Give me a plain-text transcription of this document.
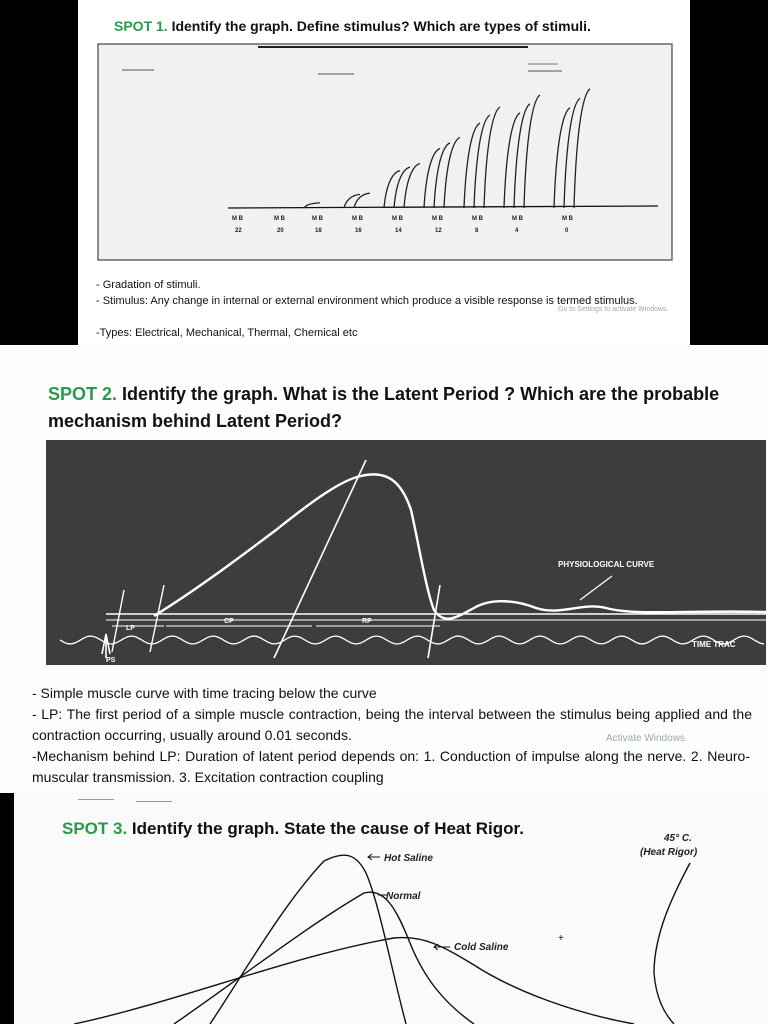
SPOT 1. Identify the graph. Define stimulus? Which are types of stimuli.
M B
22
M B
20
M B
18
M B
16
M B
14
M B
12
M B
8
M B
4
M B
0
- Gradation of stimuli.
- Stimulus: Any change in internal or external environment which produce a visible response is termed stimulus.
-Types: Electrical, Mechanical, Thermal, Chemical etc
Go to Settings to activate Windows.
SPOT 2. Identify the graph. What is the Latent Period ? Which are the probable mechanism behind Latent Period?
PHYSIOLOGICAL CURVE
TIME TRAC
PS
LP
CP	RP
- Simple muscle curve with time tracing below the curve
- LP: The first period of a simple muscle contraction, being the interval between the stimulus being applied and the contraction occurring, usually around 0.01 seconds.
-Mechanism behind LP: Duration of latent period depends on: 1. Conduction of impulse along the nerve. 2. Neuro-muscular transmission. 3. Excitation contraction coupling
Activate Windows
SPOT 3. Identify the graph. State the cause of Heat Rigor.
Hot Saline
Normal
Cold Saline
45° C.
(Heat Rigor)
+
